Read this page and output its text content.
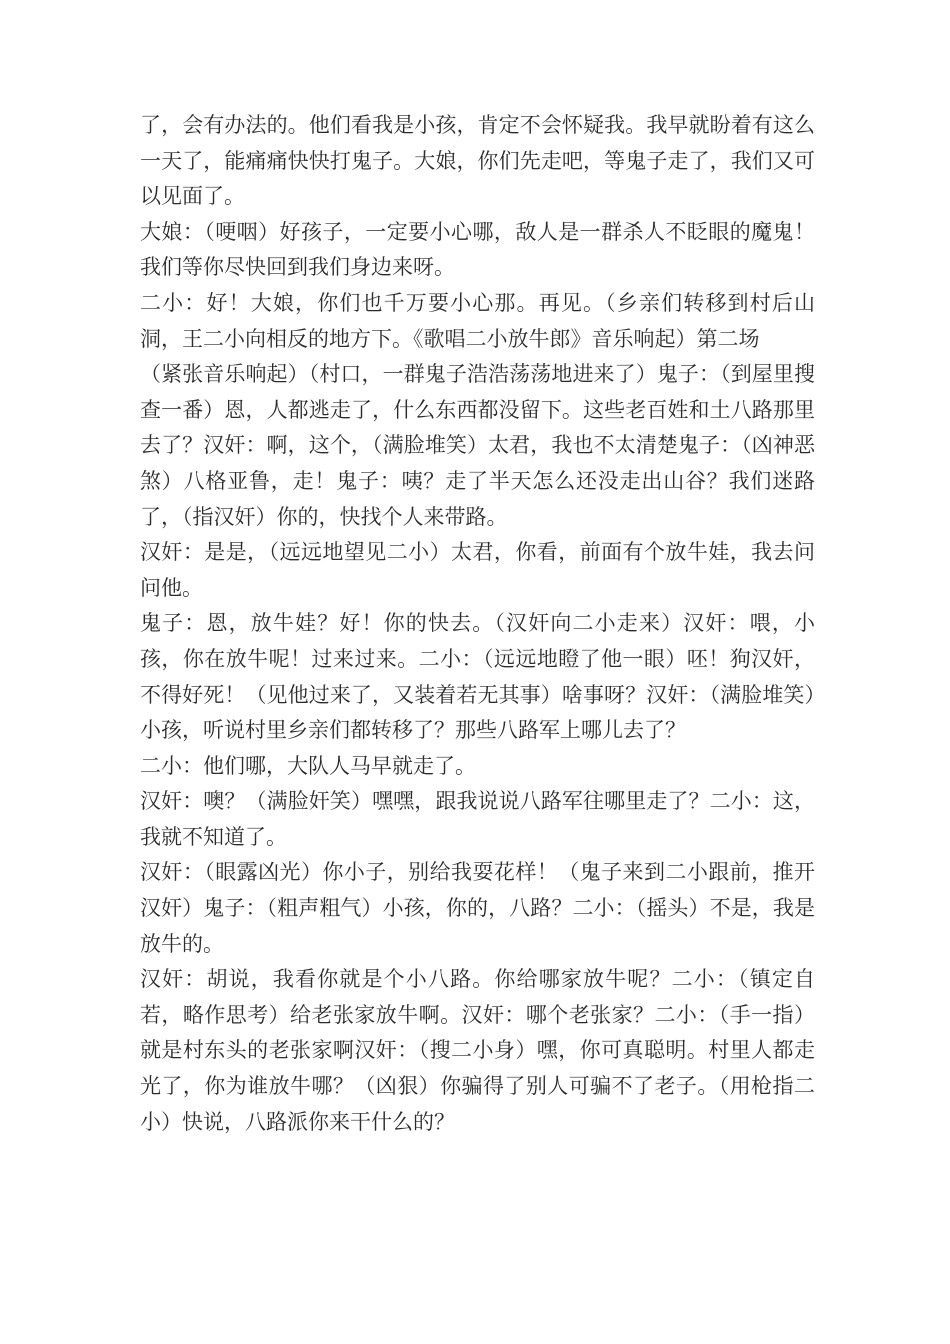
了，会有办法的。他们看我是小孩，肯定不会怀疑我。我早就盼着有这么一天了，能痛痛快快打鬼子。大娘，你们先走吧，等鬼子走了，我们又可以见面了。

大娘：（哽咽）好孩子，一定要小心哪，敌人是一群杀人不眨眼的魔鬼！我们等你尽快回到我们身边来呀。

二小：好！大娘，你们也千万要小心那。再见。（乡亲们转移到村后山洞，王二小向相反的地方下。《歌唱二小放牛郎》音乐响起）第二场

（紧张音乐响起）（村口，一群鬼子浩浩荡荡地进来了）鬼子：（到屋里搜查一番）恩，人都逃走了，什么东西都没留下。这些老百姓和土八路那里去了？汉奸：啊，这个，（满脸堆笑）太君，我也不太清楚鬼子：（凶神恶煞）八格亚鲁，走！鬼子：咦？走了半天怎么还没走出山谷？我们迷路了，（指汉奸）你的，快找个人来带路。

汉奸：是是，（远远地望见二小）太君，你看，前面有个放牛娃，我去问问他。

鬼子：恩，放牛娃？好！你的快去。（汉奸向二小走来）汉奸：喂，小孩，你在放牛呢！过来过来。二小：（远远地瞪了他一眼）呸！狗汉奸，不得好死！（见他过来了，又装着若无其事）啥事呀？汉奸：（满脸堆笑）小孩，听说村里乡亲们都转移了？那些八路军上哪儿去了？

二小：他们哪，大队人马早就走了。

汉奸：噢？（满脸奸笑）嘿嘿，跟我说说八路军往哪里走了？二小：这，我就不知道了。

汉奸：（眼露凶光）你小子，别给我耍花样！（鬼子来到二小跟前，推开汉奸）鬼子：（粗声粗气）小孩，你的，八路？二小：（摇头）不是，我是放牛的。

汉奸：胡说，我看你就是个小八路。你给哪家放牛呢？二小：（镇定自若，略作思考）给老张家放牛啊。汉奸：哪个老张家？二小：（手一指）就是村东头的老张家啊汉奸：（搜二小身）嘿，你可真聪明。村里人都走光了，你为谁放牛哪？（凶狠）你骗得了别人可骗不了老子。（用枪指二小）快说，八路派你来干什么的？
